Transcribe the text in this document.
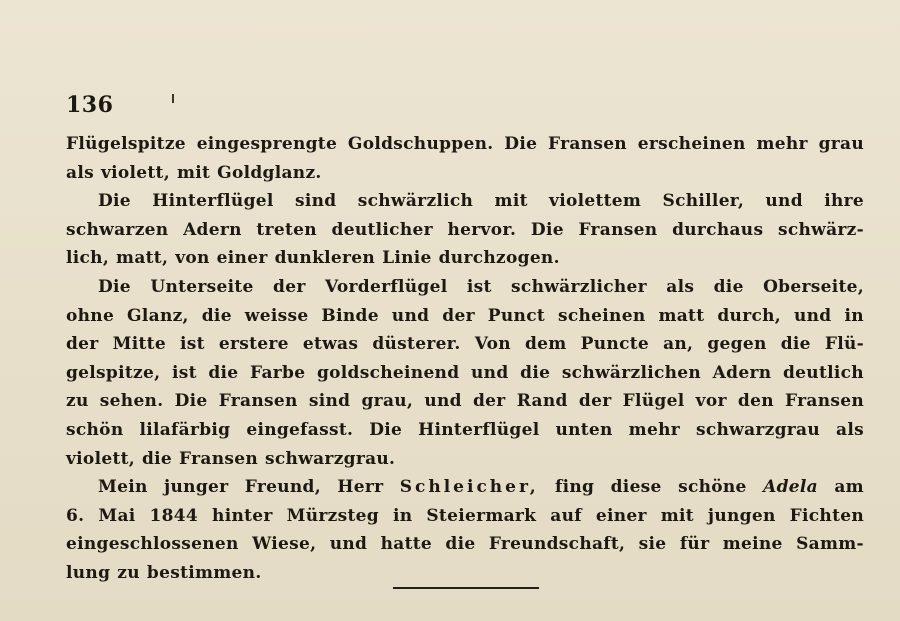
136
Flügelspitze eingesprengte Goldschuppen. Die Fransen erscheinen mehr grau
als violett, mit Goldglanz.
Die Hinterflügel sind schwärzlich mit violettem Schiller, und ihre
schwarzen Adern treten deutlicher hervor. Die Fransen durchaus schwärz-
lich, matt, von einer dunkleren Linie durchzogen.
Die Unterseite der Vorderflügel ist schwärzlicher als die Oberseite,
ohne Glanz, die weisse Binde und der Punct scheinen matt durch, und in
der Mitte ist erstere etwas düsterer. Von dem Puncte an, gegen die Flü-
gelspitze, ist die Farbe goldscheinend und die schwärzlichen Adern deutlich
zu sehen. Die Fransen sind grau, und der Rand der Flügel vor den Fransen
schön lilafärbig eingefasst. Die Hinterflügel unten mehr schwarzgrau als
violett, die Fransen schwarzgrau.
Mein junger Freund, Herr Schleicher, fing diese schöne Adela am
6. Mai 1844 hinter Mürzsteg in Steiermark auf einer mit jungen Fichten
eingeschlossenen Wiese, und hatte die Freundschaft, sie für meine Samm-
lung zu bestimmen.
